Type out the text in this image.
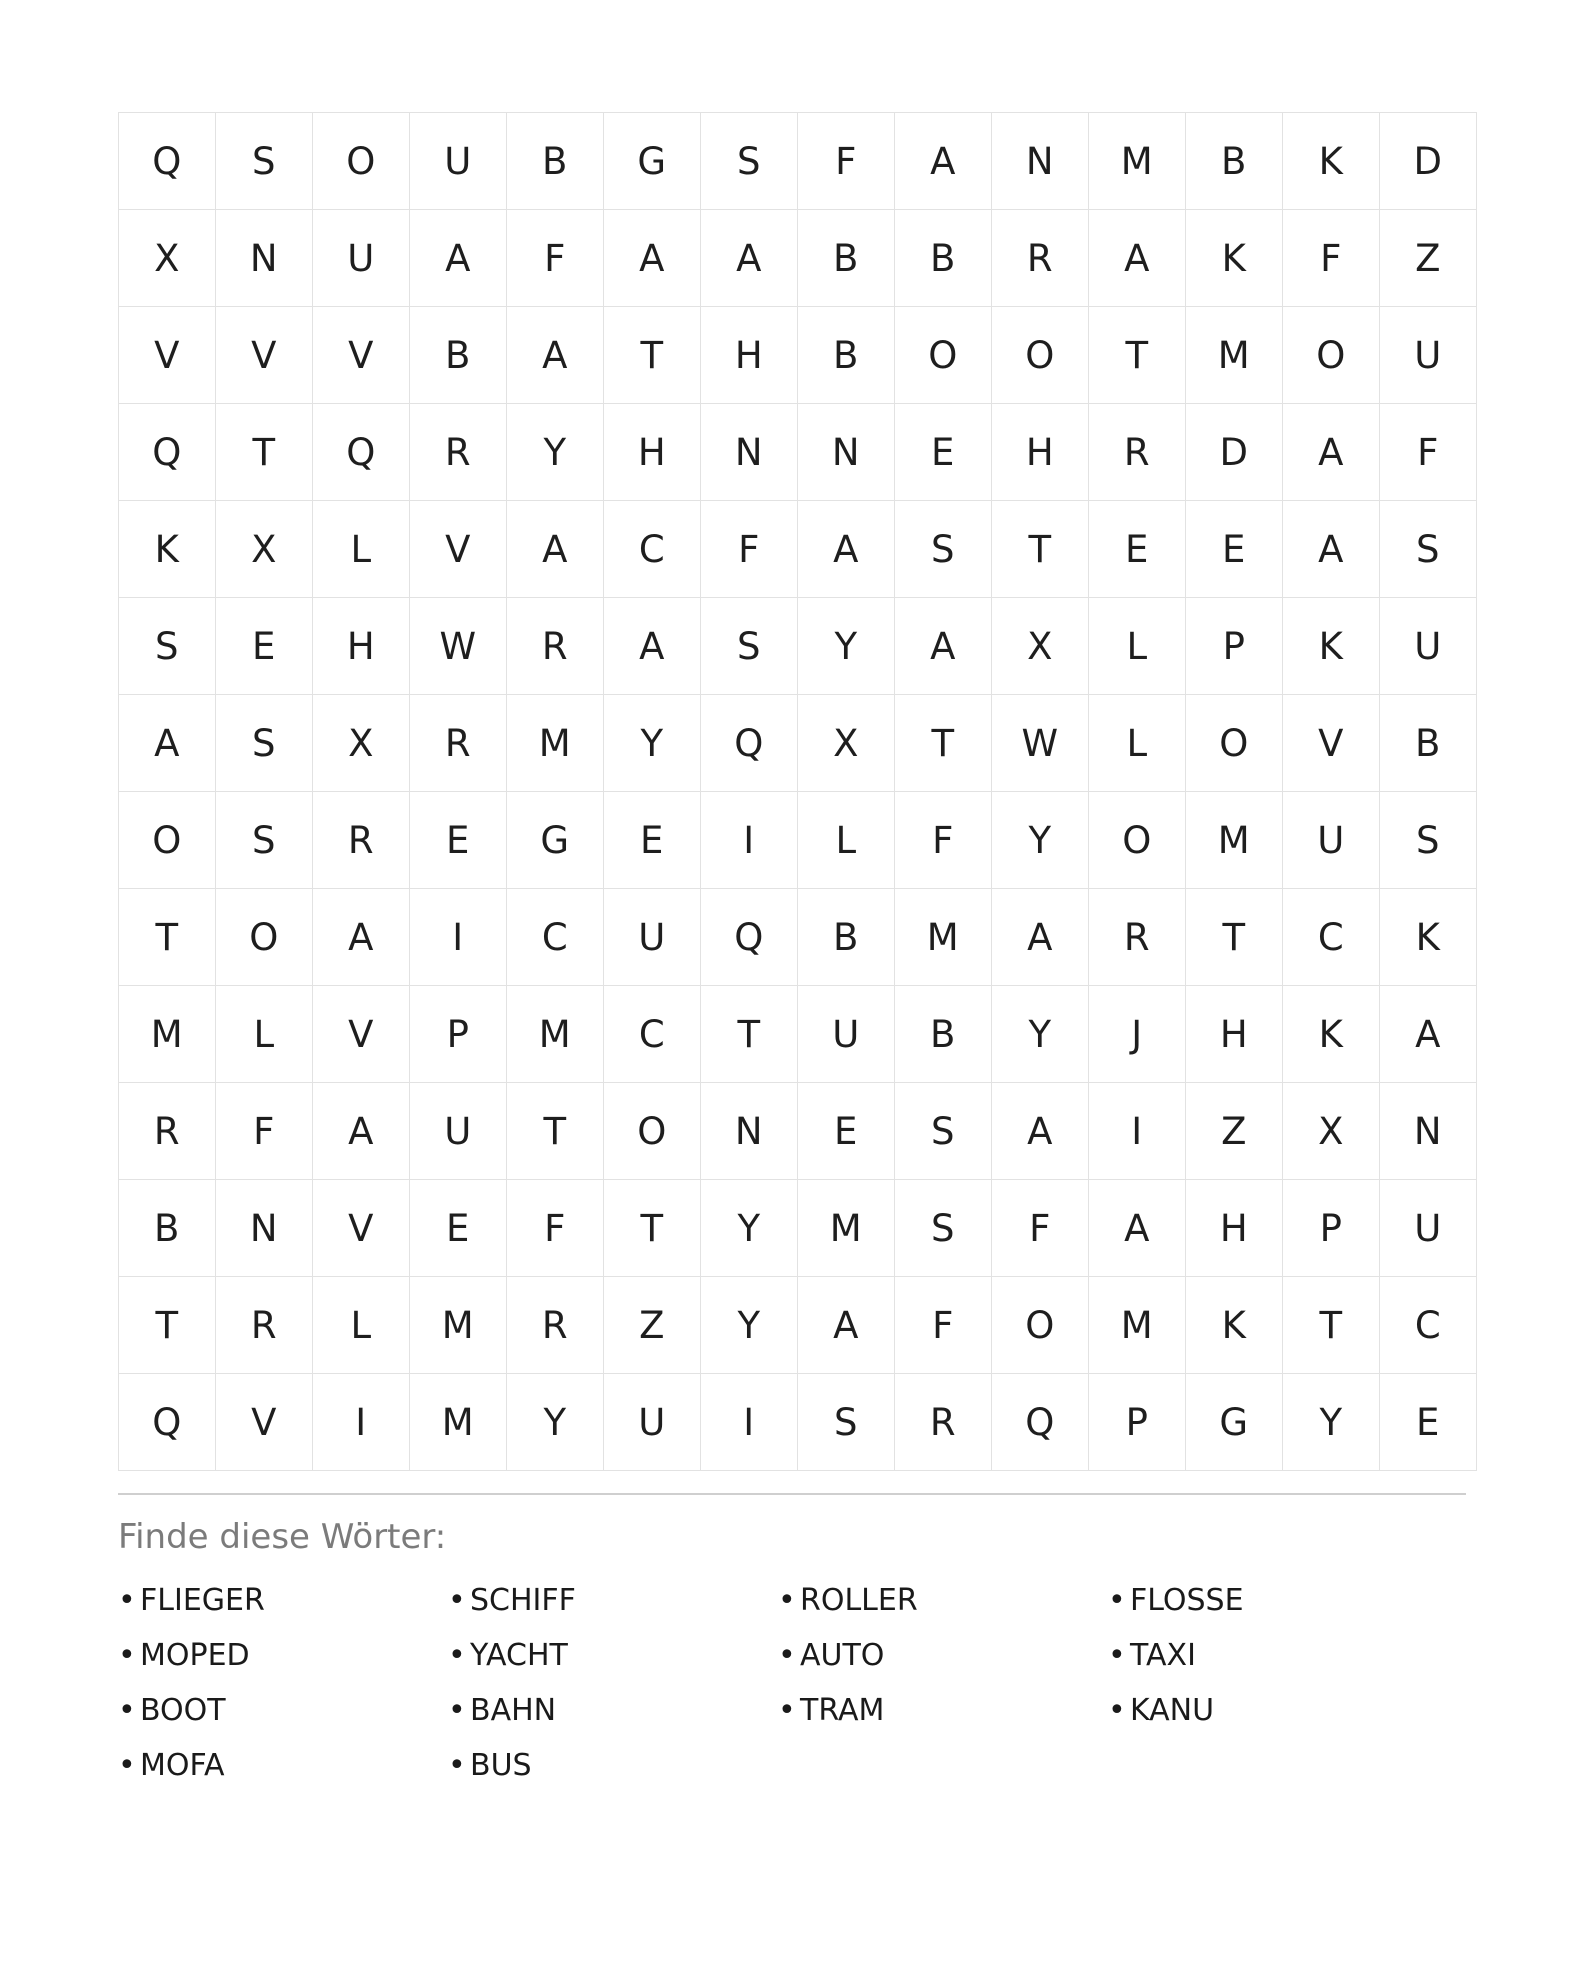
Q	S	O	U	B	G	S	F	A	N	M	B	K	D
X	N	U	A	F	A	A	B	B	R	A	K	F	Z
V	V	V	B	A	T	H	B	O	O	T	M	O	U
Q	T	Q	R	Y	H	N	N	E	H	R	D	A	F
K	X	L	V	A	C	F	A	S	T	E	E	A	S
S	E	H	W	R	A	S	Y	A	X	L	P	K	U
A	S	X	R	M	Y	Q	X	T	W	L	O	V	B
O	S	R	E	G	E	I	L	F	Y	O	M	U	S
T	O	A	I	C	U	Q	B	M	A	R	T	C	K
M	L	V	P	M	C	T	U	B	Y	J	H	K	A
R	F	A	U	T	O	N	E	S	A	I	Z	X	N
B	N	V	E	F	T	Y	M	S	F	A	H	P	U
T	R	L	M	R	Z	Y	A	F	O	M	K	T	C
Q	V	I	M	Y	U	I	S	R	Q	P	G	Y	E
Finde diese Wörter:
• FLIEGER
• MOPED
• BOOT
• MOFA
• SCHIFF
• YACHT
• BAHN
• BUS
• ROLLER
• AUTO
• TRAM
• FLOSSE
• TAXI
• KANU
